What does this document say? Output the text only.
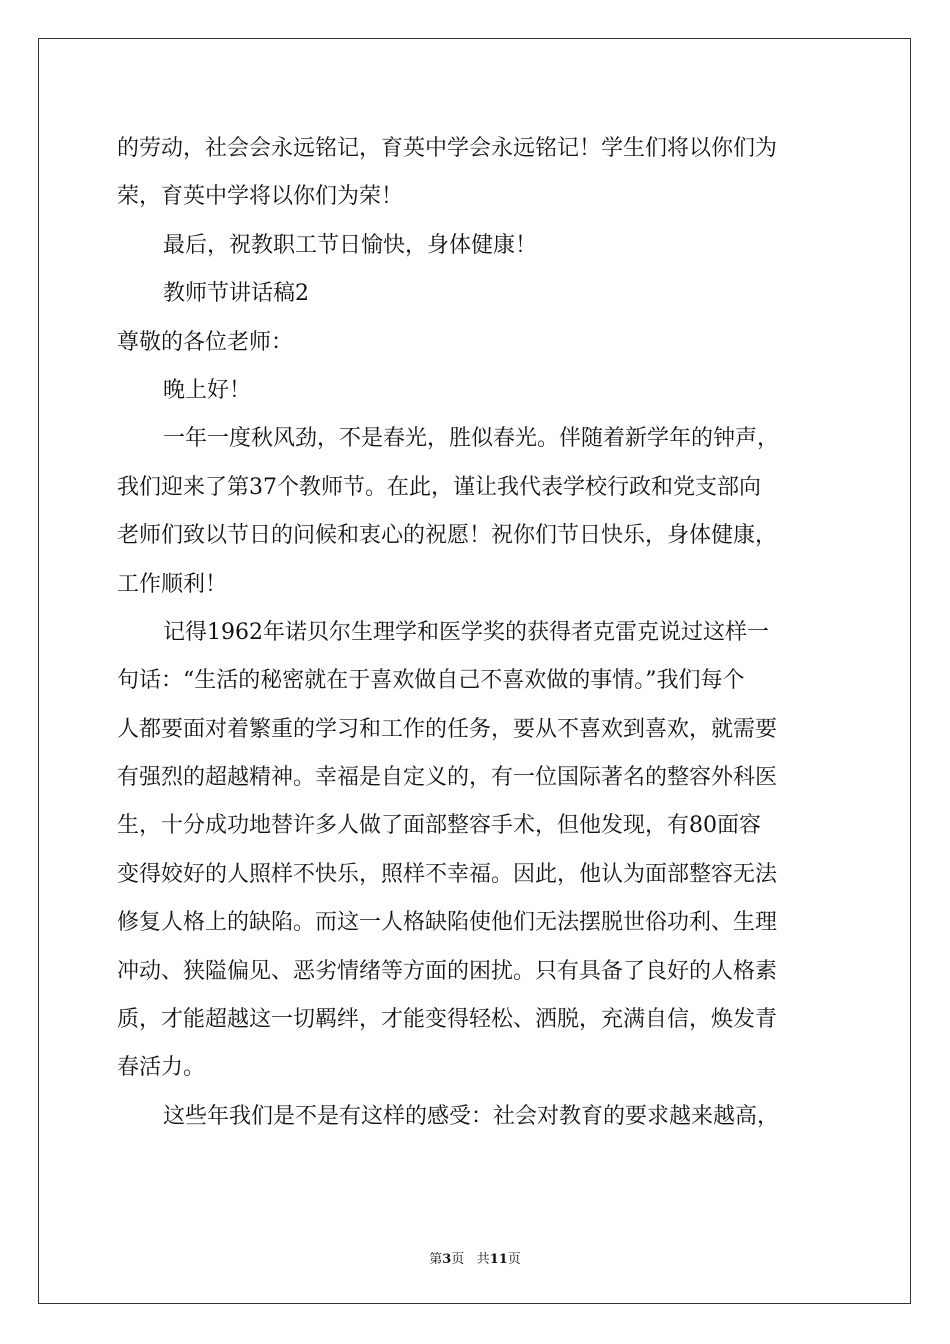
的劳动，社会会永远铭记，育英中学会永远铭记！学生们将以你们为
荣，育英中学将以你们为荣！
最后，祝教职工节日愉快，身体健康！
教师节讲话稿2
尊敬的各位老师：
晚上好！
一年一度秋风劲，不是春光，胜似春光。伴随着新学年的钟声，
我们迎来了第37个教师节。在此，谨让我代表学校行政和党支部向
老师们致以节日的问候和衷心的祝愿！祝你们节日快乐，身体健康，
工作顺利！
记得1962年诺贝尔生理学和医学奖的获得者克雷克说过这样一
句话：“生活的秘密就在于喜欢做自己不喜欢做的事情。”我们每个
人都要面对着繁重的学习和工作的任务，要从不喜欢到喜欢，就需要
有强烈的超越精神。幸福是自定义的，有一位国际著名的整容外科医
生，十分成功地替许多人做了面部整容手术，但他发现，有80面容
变得姣好的人照样不快乐，照样不幸福。因此，他认为面部整容无法
修复人格上的缺陷。而这一人格缺陷使他们无法摆脱世俗功利、生理
冲动、狭隘偏见、恶劣情绪等方面的困扰。只有具备了良好的人格素
质，才能超越这一切羁绊，才能变得轻松、洒脱，充满自信，焕发青
春活力。
这些年我们是不是有这样的感受：社会对教育的要求越来越高，
第3页 共11页
